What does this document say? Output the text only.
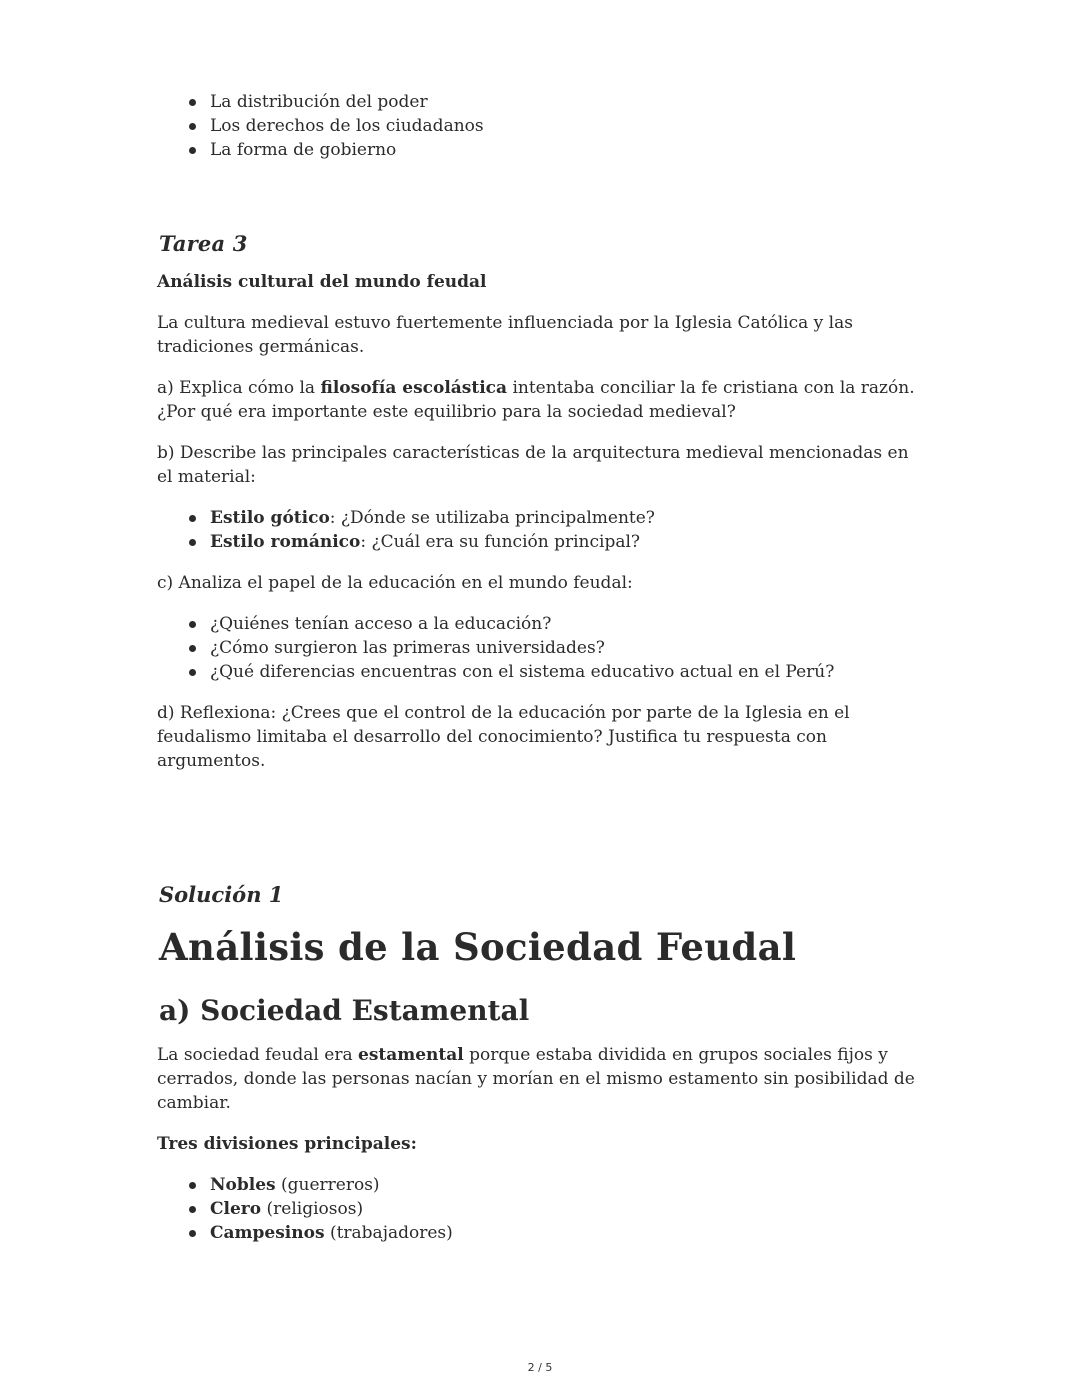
La distribución del poder
Los derechos de los ciudadanos
La forma de gobierno
Tarea 3
Análisis cultural del mundo feudal

La cultura medieval estuvo fuertemente influenciada por la Iglesia Católica y las tradiciones germánicas.

a) Explica cómo la filosofía escolástica intentaba conciliar la fe cristiana con la razón. ¿Por qué era importante este equilibrio para la sociedad medieval?

b) Describe las principales características de la arquitectura medieval mencionadas en el material:

Estilo gótico: ¿Dónde se utilizaba principalmente?
Estilo románico: ¿Cuál era su función principal?

c) Analiza el papel de la educación en el mundo feudal:

¿Quiénes tenían acceso a la educación?
¿Cómo surgieron las primeras universidades?
¿Qué diferencias encuentras con el sistema educativo actual en el Perú?

d) Reflexiona: ¿Crees que el control de la educación por parte de la Iglesia en el feudalismo limitaba el desarrollo del conocimiento? Justifica tu respuesta con argumentos.

Solución 1
Análisis de la Sociedad Feudal
a) Sociedad Estamental

La sociedad feudal era estamental porque estaba dividida en grupos sociales fijos y cerrados, donde las personas nacían y morían en el mismo estamento sin posibilidad de cambiar.

Tres divisiones principales:

Nobles (guerreros)
Clero (religiosos)
Campesinos (trabajadores)
2 / 5
